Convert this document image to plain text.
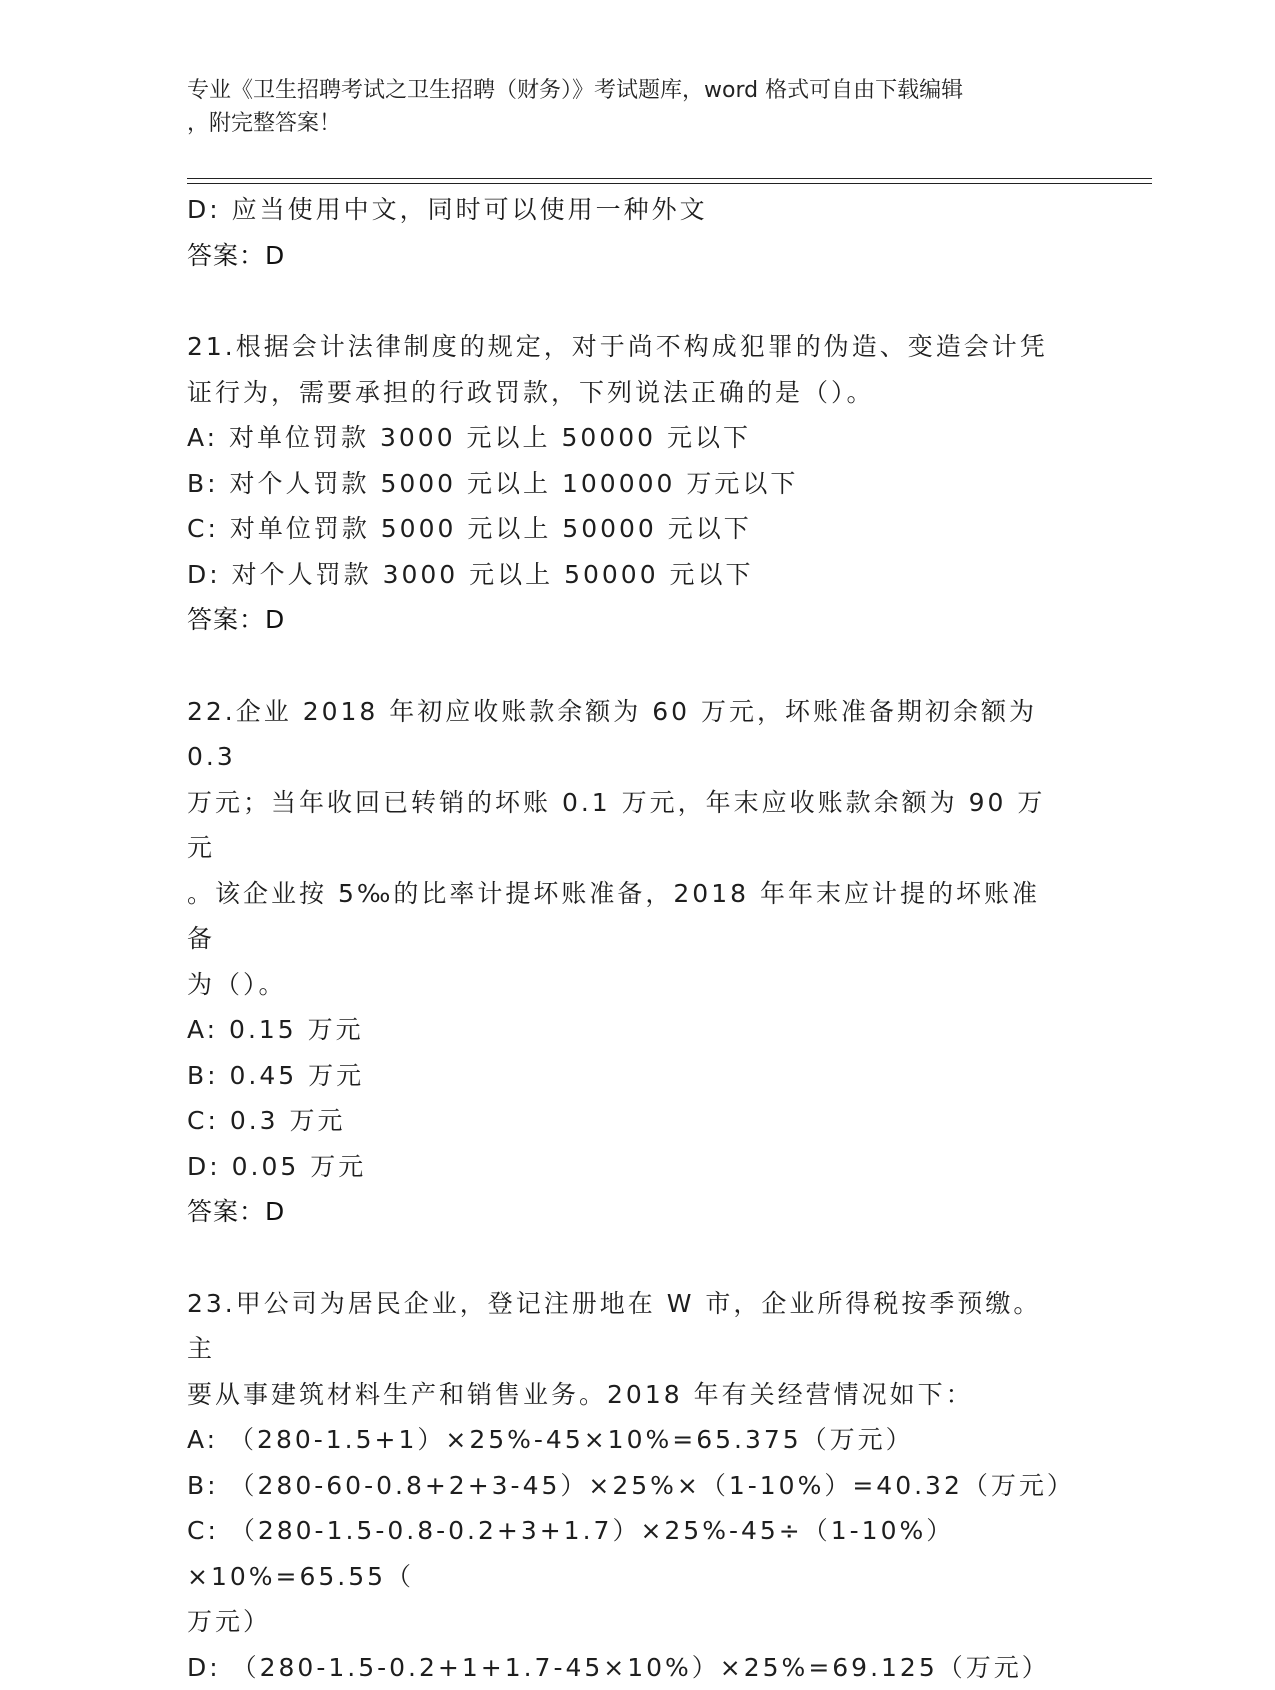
专业《卫生招聘考试之卫生招聘（财务）》考试题库，word 格式可自由下载编辑
，附完整答案！
D: 应当使用中文，同时可以使用一种外文
答案：D
21.根据会计法律制度的规定，对于尚不构成犯罪的伪造、变造会计凭
证行为，需要承担的行政罚款，下列说法正确的是（）。
A: 对单位罚款 3000 元以上 50000 元以下
B: 对个人罚款 5000 元以上 100000 万元以下
C: 对单位罚款 5000 元以上 50000 元以下
D: 对个人罚款 3000 元以上 50000 元以下
答案：D
22.企业 2018 年初应收账款余额为 60 万元，坏账准备期初余额为 0.3
万元；当年收回已转销的坏账 0.1 万元，年末应收账款余额为 90 万元
。该企业按 5‰的比率计提坏账准备，2018 年年末应计提的坏账准备
为（）。
A: 0.15 万元
B: 0.45 万元
C: 0.3 万元
D: 0.05 万元
答案：D
23.甲公司为居民企业，登记注册地在 W 市，企业所得税按季预缴。主
要从事建筑材料生产和销售业务。2018 年有关经营情况如下：
A: （280-1.5+1）×25%-45×10%=65.375（万元）
B: （280-60-0.8+2+3-45）×25%×（1-10%）=40.32（万元）
C: （280-1.5-0.8-0.2+3+1.7）×25%-45÷（1-10%）×10%=65.55（
万元）
D: （280-1.5-0.2+1+1.7-45×10%）×25%=69.125（万元）
